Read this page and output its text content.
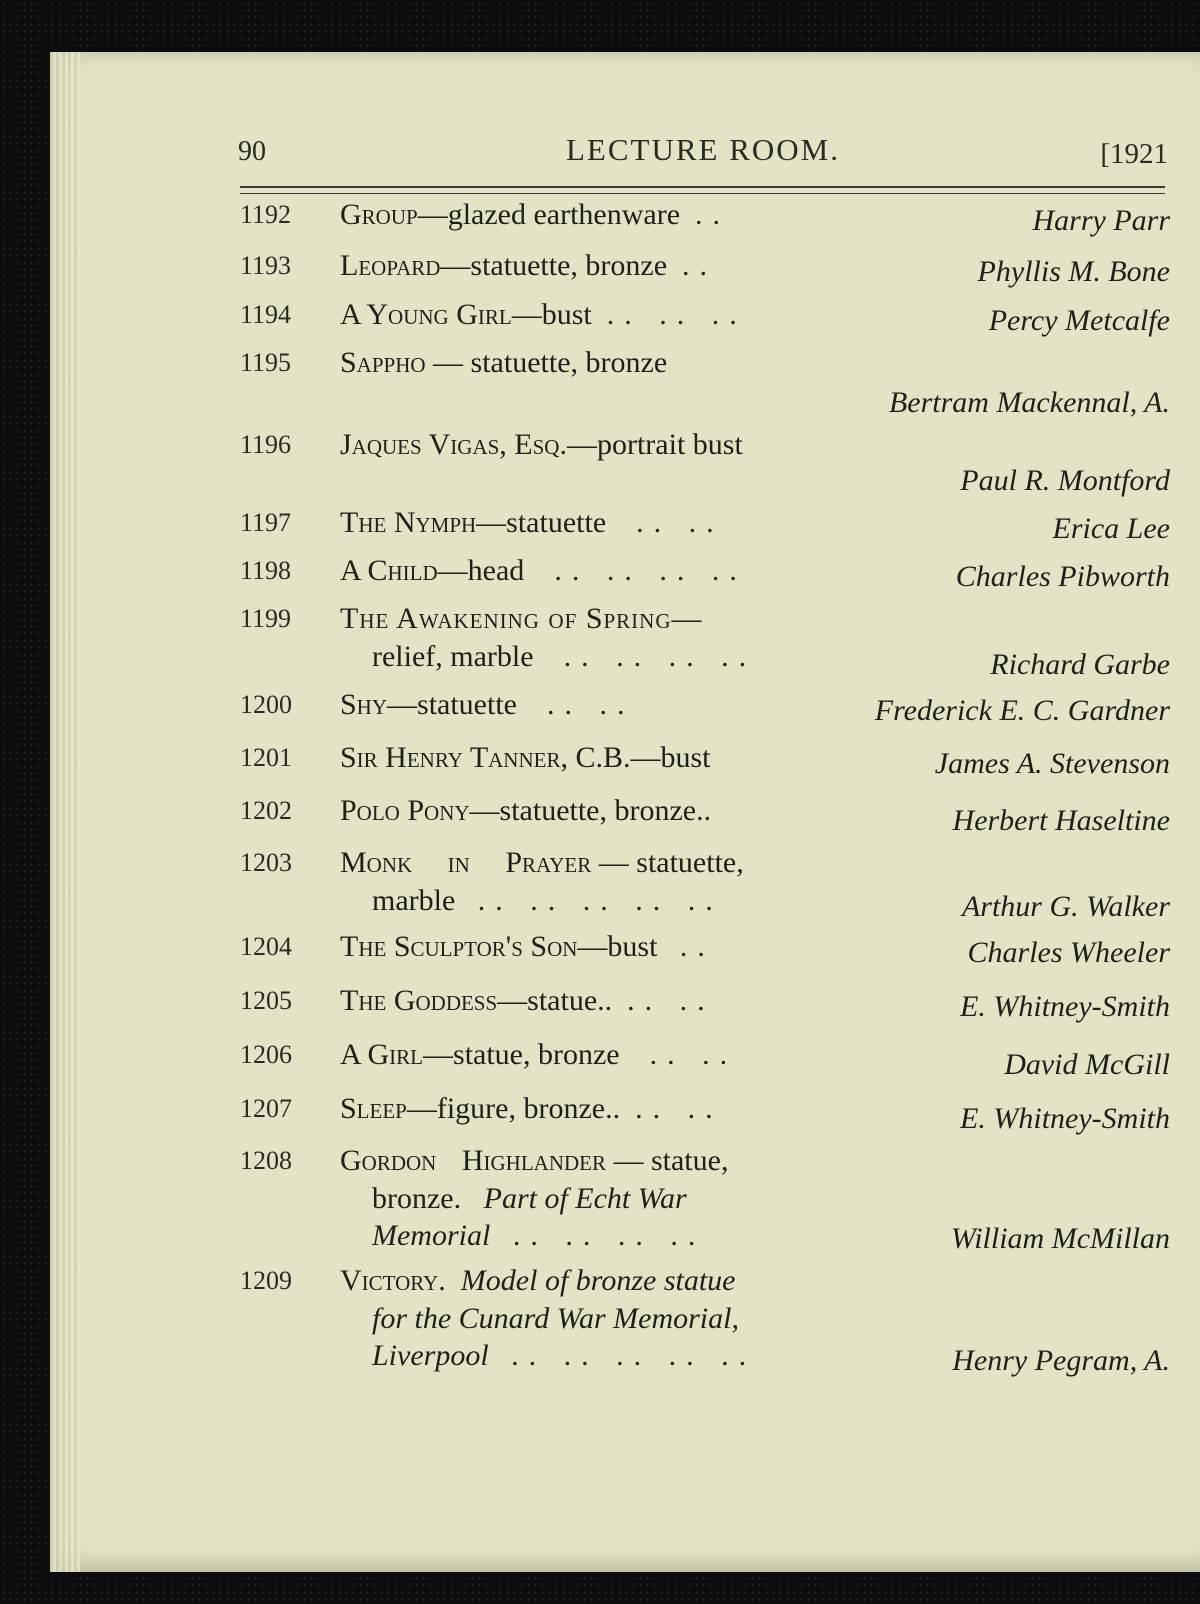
90	LECTURE ROOM.	[1921
1192 Group—glazed earthenware ..	Harry Parr
1193 Leopard—statuette, bronze ..	Phyllis M. Bone
1194 A Young Girl—bust .. .. ..	Percy Metcalfe
1195 Sappho — statuette, bronze
Bertram Mackennal, A.
1196 Jaques Vigas, Esq.—portrait bust
Paul R. Montford
1197 The Nymph—statuette .. ..	Erica Lee
1198 A Child—head .. .. .. ..	Charles Pibworth
1199 The Awakening of Spring—
relief, marble .. .. .. ..	Richard Garbe
1200 Shy—statuette .. ..	Frederick E. C. Gardner
1201 Sir Henry Tanner, C.B.—bust	James A. Stevenson
1202 Polo Pony—statuette, bronze..	Herbert Haseltine
1203 Monk in Prayer — statuette,
marble .. .. .. .. ..	Arthur G. Walker
1204 The Sculptor's Son—bust ..	Charles Wheeler
1205 The Goddess—statue.. .. ..	E. Whitney-Smith
1206 A Girl—statue, bronze .. ..	David McGill
1207 Sleep—figure, bronze.. .. ..	E. Whitney-Smith
1208 Gordon Highlander — statue,
bronze. Part of Echt War
Memorial .. .. .. ..	William McMillan
1209 Victory. Model of bronze statue
for the Cunard War Memorial,
Liverpool .. .. .. .. ..	Henry Pegram, A.
